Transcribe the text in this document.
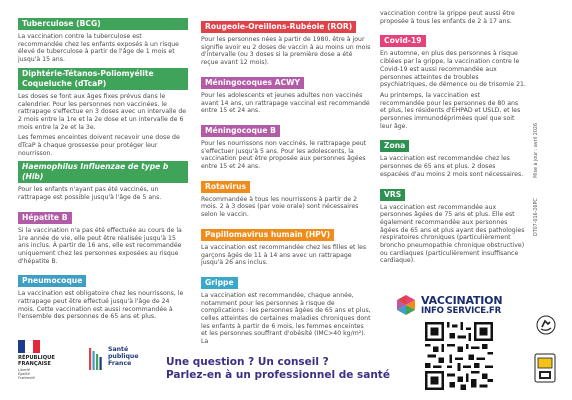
Tuberculose (BCG)

La vaccination contre la tuberculose est recommandée chez les enfants exposés à un risque élevé de tuberculose à partir de l'âge de 1 mois et jusqu'à 15 ans.

Diphtérie-Tétanos-Poliomyélite Coqueluche (dTcaP)

Les doses se font aux âges fixes prévus dans le calendrier. Pour les personnes non vaccinées, le rattrapage s'effectue en 3 doses avec un intervalle de 2 mois entre la 1re et la 2e dose et un intervalle de 6 mois entre la 2e et la 3e.

Les femmes enceintes doivent recevoir une dose de dTcaP à chaque grossesse pour protéger leur nourrisson.

Haemophilus Influenzae de type b (Hib)

Pour les enfants n'ayant pas été vaccinés, un rattrapage est possible jusqu'à l'âge de 5 ans.

Hépatite B

Si la vaccination n'a pas été effectuée au cours de la 1re année de vie, elle peut être réalisée jusqu'à 15 ans inclus. À partir de 16 ans, elle est recommandée uniquement chez les personnes exposées au risque d'hépatite B.

Pneumocoque

La vaccination est obligatoire chez les nourrissons, le rattrapage peut être effectué jusqu'à l'âge de 24 mois. Cette vaccination est aussi recommandée à l'ensemble des personnes de 65 ans et plus.

Rougeole-Oreillons-Rubéole (ROR)

Pour les personnes nées à partir de 1980, être à jour signifie avoir eu 2 doses de vaccin à au moins un mois d'intervalle (ou 3 doses si la première dose a été reçue avant 12 mois).

Méningocoques ACWY

Pour les adolescents et jeunes adultes non vaccinés avant 14 ans, un rattrapage vaccinal est recommandé entre 15 et 24 ans.

Méningocoque B

Pour les nourrissons non vaccinés, le rattrapage peut s'effectuer jusqu'à 5 ans. Pour les adolescents, la vaccination peut être proposée aux personnes âgées entre 15 et 24 ans.

Rotavirus

Recommandée à tous les nourrissons à partir de 2 mois. 2 à 3 doses (par voie orale) sont nécessaires selon le vaccin.

Papillomavirus humain (HPV)

La vaccination est recommandée chez les filles et les garçons âgés de 11 à 14 ans avec un rattrapage jusqu'à 26 ans inclus.

Grippe

La vaccination est recommandée, chaque année, notamment pour les personnes à risque de complications : les personnes âgées de 65 ans et plus, celles atteintes de certaines maladies chroniques dont les enfants à partir de 6 mois, les femmes enceintes et les personnes souffrant d'obésité (IMC>40 kg/m²). La

vaccination contre la grippe peut aussi être proposée à tous les enfants de 2 à 17 ans.

Covid-19

En automne, en plus des personnes à risque ciblées par la grippe, la vaccination contre le Covid-19 est aussi recommandée aux personnes atteintes de troubles psychiatriques, de démence ou de trisomie 21.

Au printemps, la vaccination est recommandée pour les personnes de 80 ans et plus, les résidents d'EHPAD et USLD, et les personnes immunodéprimées quel que soit leur âge.

Zona

La vaccination est recommandée chez les personnes de 65 ans et plus. 2 doses espacées d'au moins 2 mois sont nécessaires.

VRS

La vaccination est recommandée aux personnes âgées de 75 ans et plus. Elle est également recommandée aux personnes âgées de 65 ans et plus ayant des pathologies respiratoires chroniques (particulièrement broncho pneumopathie chronique obstructive) ou cardiaques (particulièrement insuffisance cardiaque).

Mise à jour : avril 2026
DT07-016-26PC
RÉPUBLIQUE
FRANÇAISE
Liberté
Égalité
Fraternité
Santé
publique
France	Une question ? Un conseil ?
Parlez-en à un professionnel de santé
VACCINATION
INFO SERVICE.FR
